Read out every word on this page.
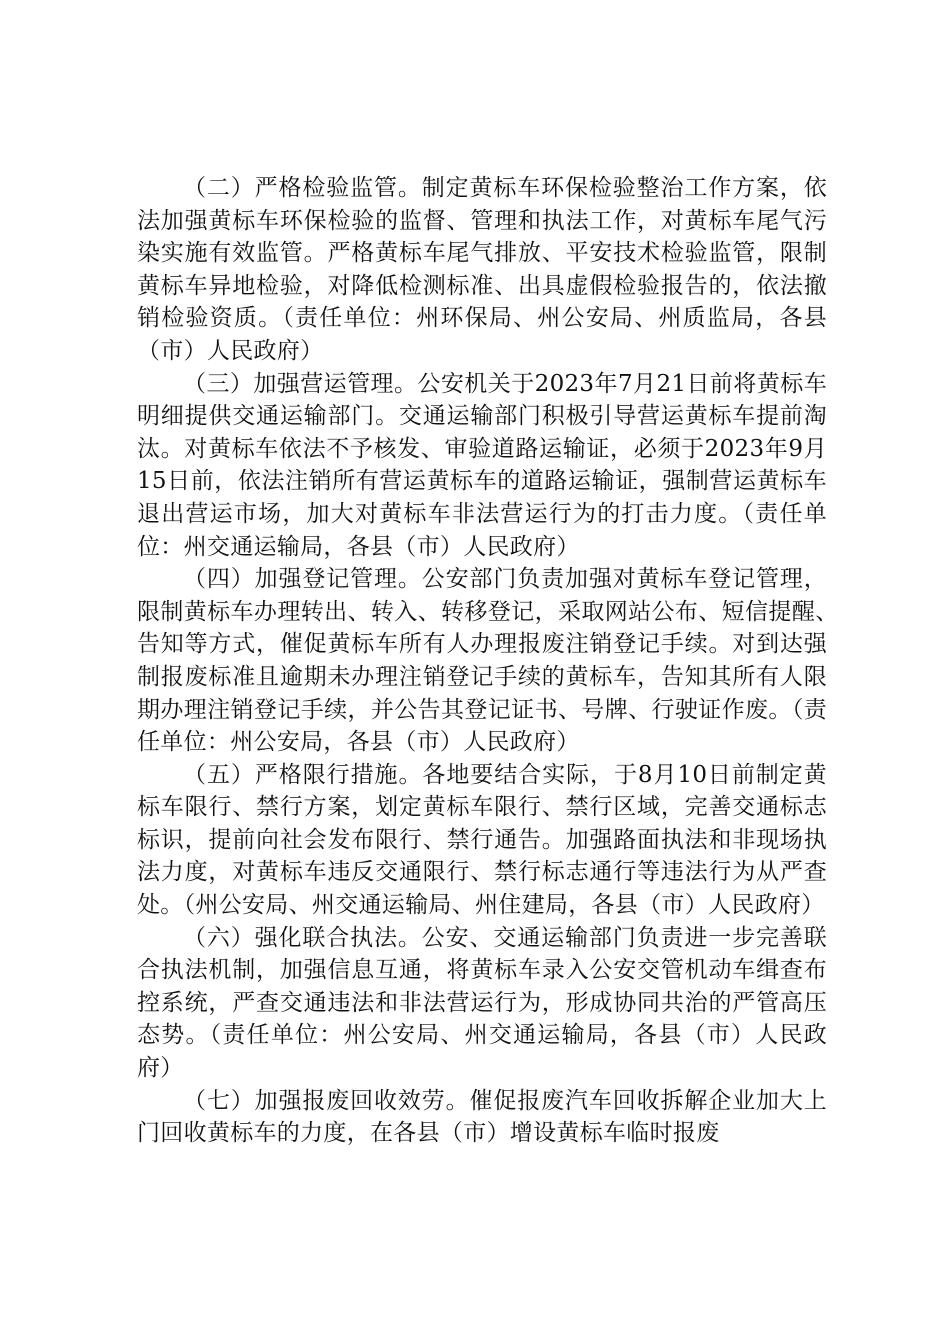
（二）严格检验监管。制定黄标车环保检验整治工作方案，依法加强黄标车环保检验的监督、管理和执法工作，对黄标车尾气污染实施有效监管。严格黄标车尾气排放、平安技术检验监管，限制黄标车异地检验，对降低检测标准、出具虚假检验报告的，依法撤销检验资质。（责任单位：州环保局、州公安局、州质监局，各县（市）人民政府）

（三）加强营运管理。公安机关于2023年7月21日前将黄标车明细提供交通运输部门。交通运输部门积极引导营运黄标车提前淘汰。对黄标车依法不予核发、审验道路运输证，必须于2023年9月15日前，依法注销所有营运黄标车的道路运输证，强制营运黄标车退出营运市场，加大对黄标车非法营运行为的打击力度。（责任单位：州交通运输局，各县（市）人民政府）

（四）加强登记管理。公安部门负责加强对黄标车登记管理，限制黄标车办理转出、转入、转移登记，采取网站公布、短信提醒、　告知等方式，催促黄标车所有人办理报废注销登记手续。对到达强制报废标准且逾期未办理注销登记手续的黄标车，告知其所有人限期办理注销登记手续，并公告其登记证书、号牌、行驶证作废。（责任单位：州公安局，各县（市）人民政府）

（五）严格限行措施。各地要结合实际，于8月10日前制定黄标车限行、禁行方案，划定黄标车限行、禁行区域，完善交通标志标识，提前向社会发布限行、禁行通告。加强路面执法和非现场执法力度，对黄标车违反交通限行、禁行标志通行等违法行为从严查处。（州公安局、州交通运输局、州住建局，各县（市）人民政府）

（六）强化联合执法。公安、交通运输部门负责进一步完善联合执法机制，加强信息互通，将黄标车录入公安交管机动车缉查布控系统，严查交通违法和非法营运行为，形成协同共治的严管高压态势。（责任单位：州公安局、州交通运输局，各县（市）人民政府）

（七）加强报废回收效劳。催促报废汽车回收拆解企业加大上门回收黄标车的力度，在各县（市）增设黄标车临时报废
